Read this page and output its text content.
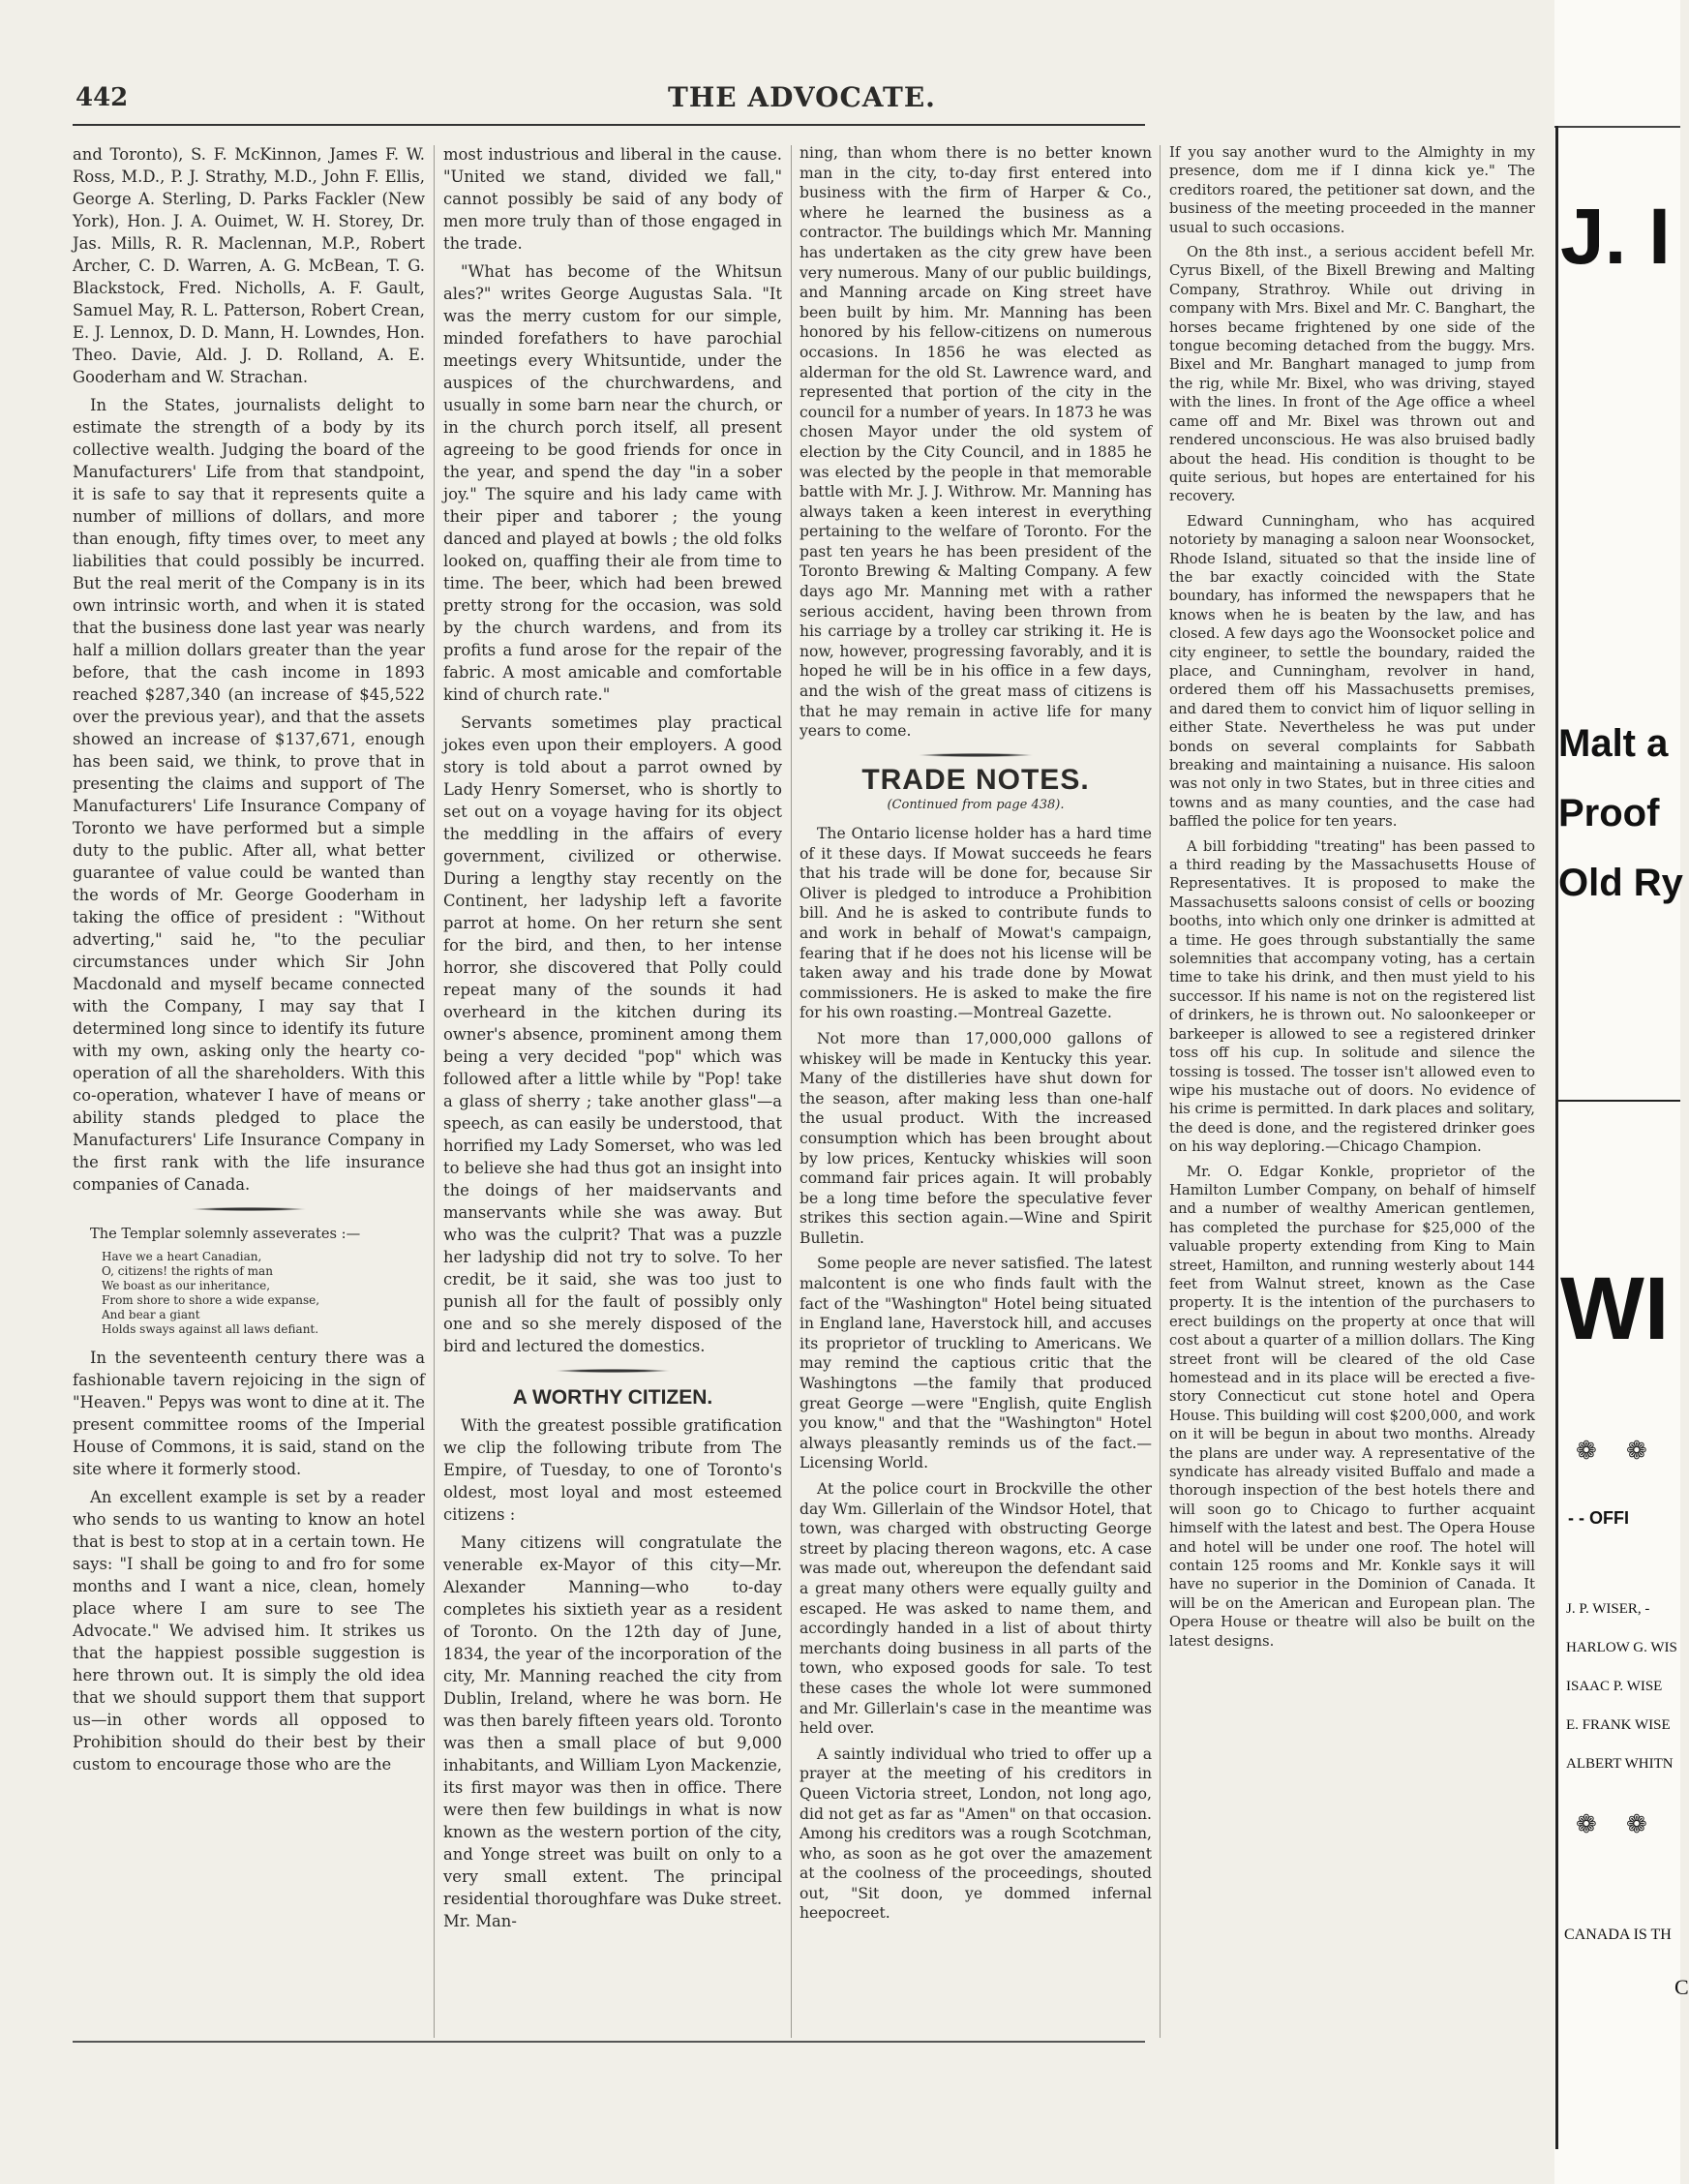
442	THE ADVOCATE.

and Toronto), S. F. McKinnon, James F. W. Ross, M.D., P. J. Strathy, M.D., John F. Ellis, George A. Sterling, D. Parks Fackler (New York), Hon. J. A. Ouimet, W. H. Storey, Dr. Jas. Mills, R. R. Maclennan, M.P., Robert Archer, C. D. Warren, A. G. McBean, T. G. Blackstock, Fred. Nicholls, A. F. Gault, Samuel May, R. L. Patterson, Robert Crean, E. J. Lennox, D. D. Mann, H. Lowndes, Hon. Theo. Davie, Ald. J. D. Rolland, A. E. Gooderham and W. Strachan.

In the States, journalists delight to estimate the strength of a body by its collective wealth. Judging the board of the Manufacturers' Life from that standpoint, it is safe to say that it represents quite a number of millions of dollars, and more than enough, fifty times over, to meet any liabilities that could possibly be incurred. But the real merit of the Company is in its own intrinsic worth, and when it is stated that the business done last year was nearly half a million dollars greater than the year before, that the cash income in 1893 reached $287,340 (an increase of $45,522 over the previous year), and that the assets showed an increase of $137,671, enough has been said, we think, to prove that in presenting the claims and support of The Manufacturers' Life Insurance Company of Toronto we have performed but a simple duty to the public. After all, what better guarantee of value could be wanted than the words of Mr. George Gooderham in taking the office of president : "Without adverting," said he, "to the peculiar circumstances under which Sir John Macdonald and myself became connected with the Company, I may say that I determined long since to identify its future with my own, asking only the hearty co-operation of all the shareholders. With this co-operation, whatever I have of means or ability stands pledged to place the Manufacturers' Life Insurance Company in the first rank with the life insurance companies of Canada.

The Templar solemnly asseverates :—

Have we a heart Canadian,
O, citizens! the rights of man
We boast as our inheritance,
From shore to shore a wide expanse,
And bear a giant
Holds sways against all laws defiant.

In the seventeenth century there was a fashionable tavern rejoicing in the sign of "Heaven." Pepys was wont to dine at it. The present committee rooms of the Imperial House of Commons, it is said, stand on the site where it formerly stood.

An excellent example is set by a reader who sends to us wanting to know an hotel that is best to stop at in a certain town. He says: "I shall be going to and fro for some months and I want a nice, clean, homely place where I am sure to see The Advocate." We advised him. It strikes us that the happiest possible suggestion is here thrown out. It is simply the old idea that we should support them that support us—in other words all opposed to Prohibition should do their best by their custom to encourage those who are the

most industrious and liberal in the cause. "United we stand, divided we fall," cannot possibly be said of any body of men more truly than of those engaged in the trade.

"What has become of the Whitsun ales?" writes George Augustas Sala. "It was the merry custom for our simple, minded forefathers to have parochial meetings every Whitsuntide, under the auspices of the churchwardens, and usually in some barn near the church, or in the church porch itself, all present agreeing to be good friends for once in the year, and spend the day "in a sober joy." The squire and his lady came with their piper and taborer ; the young danced and played at bowls ; the old folks looked on, quaffing their ale from time to time. The beer, which had been brewed pretty strong for the occasion, was sold by the church wardens, and from its profits a fund arose for the repair of the fabric. A most amicable and comfortable kind of church rate."

Servants sometimes play practical jokes even upon their employers. A good story is told about a parrot owned by Lady Henry Somerset, who is shortly to set out on a voyage having for its object the meddling in the affairs of every government, civilized or otherwise. During a lengthy stay recently on the Continent, her ladyship left a favorite parrot at home. On her return she sent for the bird, and then, to her intense horror, she discovered that Polly could repeat many of the sounds it had overheard in the kitchen during its owner's absence, prominent among them being a very decided "pop" which was followed after a little while by "Pop! take a glass of sherry ; take another glass"—a speech, as can easily be understood, that horrified my Lady Somerset, who was led to believe she had thus got an insight into the doings of her maidservants and manservants while she was away. But who was the culprit? That was a puzzle her ladyship did not try to solve. To her credit, be it said, she was too just to punish all for the fault of possibly only one and so she merely disposed of the bird and lectured the domestics.

A WORTHY CITIZEN.

With the greatest possible gratification we clip the following tribute from The Empire, of Tuesday, to one of Toronto's oldest, most loyal and most esteemed citizens :

Many citizens will congratulate the venerable ex-Mayor of this city—Mr. Alexander Manning—who to-day completes his sixtieth year as a resident of Toronto. On the 12th day of June, 1834, the year of the incorporation of the city, Mr. Manning reached the city from Dublin, Ireland, where he was born. He was then barely fifteen years old. Toronto was then a small place of but 9,000 inhabitants, and William Lyon Mackenzie, its first mayor was then in office. There were then few buildings in what is now known as the western portion of the city, and Yonge street was built on only to a very small extent. The principal residential thoroughfare was Duke street. Mr. Man-

ning, than whom there is no better known man in the city, to-day first entered into business with the firm of Harper & Co., where he learned the business as a contractor. The buildings which Mr. Manning has undertaken as the city grew have been very numerous. Many of our public buildings, and Manning arcade on King street have been built by him. Mr. Manning has been honored by his fellow-citizens on numerous occasions. In 1856 he was elected as alderman for the old St. Lawrence ward, and represented that portion of the city in the council for a number of years. In 1873 he was chosen Mayor under the old system of election by the City Council, and in 1885 he was elected by the people in that memorable battle with Mr. J. J. Withrow. Mr. Manning has always taken a keen interest in everything pertaining to the welfare of Toronto. For the past ten years he has been president of the Toronto Brewing & Malting Company. A few days ago Mr. Manning met with a rather serious accident, having been thrown from his carriage by a trolley car striking it. He is now, however, progressing favorably, and it is hoped he will be in his office in a few days, and the wish of the great mass of citizens is that he may remain in active life for many years to come.

TRADE NOTES.
(Continued from page 438).

The Ontario license holder has a hard time of it these days. If Mowat succeeds he fears that his trade will be done for, because Sir Oliver is pledged to introduce a Prohibition bill. And he is asked to contribute funds to and work in behalf of Mowat's campaign, fearing that if he does not his license will be taken away and his trade done by Mowat commissioners. He is asked to make the fire for his own roasting.—Montreal Gazette.

Not more than 17,000,000 gallons of whiskey will be made in Kentucky this year. Many of the distilleries have shut down for the season, after making less than one-half the usual product. With the increased consumption which has been brought about by low prices, Kentucky whiskies will soon command fair prices again. It will probably be a long time before the speculative fever strikes this section again.—Wine and Spirit Bulletin.

Some people are never satisfied. The latest malcontent is one who finds fault with the fact of the "Washington" Hotel being situated in England lane, Haverstock hill, and accuses its proprietor of truckling to Americans. We may remind the captious critic that the Washingtons —the family that produced great George —were "English, quite English you know," and that the "Washington" Hotel always pleasantly reminds us of the fact.—Licensing World.

At the police court in Brockville the other day Wm. Gillerlain of the Windsor Hotel, that town, was charged with obstructing George street by placing thereon wagons, etc. A case was made out, whereupon the defendant said a great many others were equally guilty and escaped. He was asked to name them, and accordingly handed in a list of about thirty merchants doing business in all parts of the town, who exposed goods for sale. To test these cases the whole lot were summoned and Mr. Gillerlain's case in the meantime was held over.

A saintly individual who tried to offer up a prayer at the meeting of his creditors in Queen Victoria street, London, not long ago, did not get as far as "Amen" on that occasion. Among his creditors was a rough Scotchman, who, as soon as he got over the amazement at the coolness of the proceedings, shouted out, "Sit doon, ye dommed infernal heepocreet.

If you say another wurd to the Almighty in my presence, dom me if I dinna kick ye." The creditors roared, the petitioner sat down, and the business of the meeting proceeded in the manner usual to such occasions.

On the 8th inst., a serious accident befell Mr. Cyrus Bixell, of the Bixell Brewing and Malting Company, Strathroy. While out driving in company with Mrs. Bixel and Mr. C. Banghart, the horses became frightened by one side of the tongue becoming detached from the buggy. Mrs. Bixel and Mr. Banghart managed to jump from the rig, while Mr. Bixel, who was driving, stayed with the lines. In front of the Age office a wheel came off and Mr. Bixel was thrown out and rendered unconscious. He was also bruised badly about the head. His condition is thought to be quite serious, but hopes are entertained for his recovery.

Edward Cunningham, who has acquired notoriety by managing a saloon near Woonsocket, Rhode Island, situated so that the inside line of the bar exactly coincided with the State boundary, has informed the newspapers that he knows when he is beaten by the law, and has closed. A few days ago the Woonsocket police and city engineer, to settle the boundary, raided the place, and Cunningham, revolver in hand, ordered them off his Massachusetts premises, and dared them to convict him of liquor selling in either State. Nevertheless he was put under bonds on several complaints for Sabbath breaking and maintaining a nuisance. His saloon was not only in two States, but in three cities and towns and as many counties, and the case had baffled the police for ten years.

A bill forbidding "treating" has been passed to a third reading by the Massachusetts House of Representatives. It is proposed to make the Massachusetts saloons consist of cells or boozing booths, into which only one drinker is admitted at a time. He goes through substantially the same solemnities that accompany voting, has a certain time to take his drink, and then must yield to his successor. If his name is not on the registered list of drinkers, he is thrown out. No saloonkeeper or barkeeper is allowed to see a registered drinker toss off his cup. In solitude and silence the tossing is tossed. The tosser isn't allowed even to wipe his mustache out of doors. No evidence of his crime is permitted. In dark places and solitary, the deed is done, and the registered drinker goes on his way deploring.—Chicago Champion.

Mr. O. Edgar Konkle, proprietor of the Hamilton Lumber Company, on behalf of himself and a number of wealthy American gentlemen, has completed the purchase for $25,000 of the valuable property extending from King to Main street, Hamilton, and running westerly about 144 feet from Walnut street, known as the Case property. It is the intention of the purchasers to erect buildings on the property at once that will cost about a quarter of a million dollars. The King street front will be cleared of the old Case homestead and in its place will be erected a five-story Connecticut cut stone hotel and Opera House. This building will cost $200,000, and work on it will be begun in about two months. Already the plans are under way. A representative of the syndicate has already visited Buffalo and made a thorough inspection of the best hotels there and will soon go to Chicago to further acquaint himself with the latest and best. The Opera House and hotel will be under one roof. The hotel will contain 125 rooms and Mr. Konkle says it will have no superior in the Dominion of Canada. It will be on the American and European plan. The Opera House or theatre will also be built on the latest designs.

J. I
Malt a
Proof
Old Ry
WI
❁ ❁
- - OFFI
J. P. WISER, -
HARLOW G. WIS
ISAAC P. WISE
E. FRANK WISE
ALBERT WHITN
❁ ❁
CANADA IS TH
C
